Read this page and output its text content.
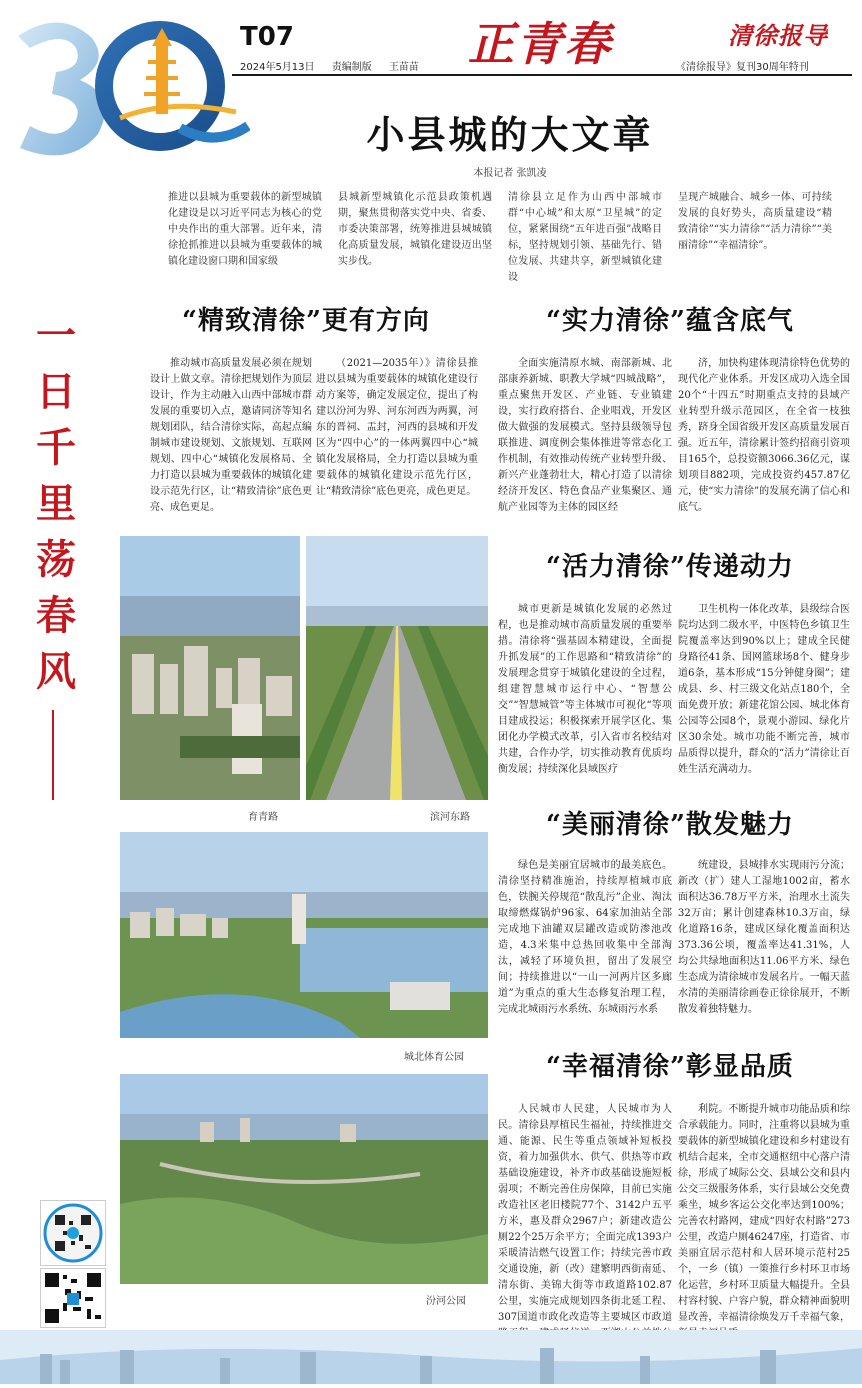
T07
2024年5月13日 责编制版 王苗苗	正青春	清徐报导
《清徐报导》复刊30周年特刊
小县城的大文章
本报记者 张凯凌
推进以县城为重要载体的新型城镇化建设是以习近平同志为核心的党中央作出的重大部署。近年来，清徐抢抓推进以县城为重要载体的城镇化建设窗口期和国家级
县城新型城镇化示范县政策机遇期，聚焦贯彻落实党中央、省委、市委决策部署，统筹推进县城城镇化高质量发展，城镇化建设迈出坚实步伐。
清徐县立足作为山西中部城市群“中心城”和太原“卫星城”的定位，紧紧围绕“五年进百强”战略目标，坚持规划引领、基础先行、错位发展、共建共享，新型城镇化建设
呈现产城融合、城乡一体、可持续发展的良好势头，高质量建设“精致清徐”“实力清徐”“活力清徐”“美丽清徐”“幸福清徐”。
一
日
千
里
荡
春
风
“精致清徐”更有方向

推动城市高质量发展必须在规划设计上做文章。清徐把规划作为顶层设计，作为主动融入山西中部城市群发展的重要切入点，邀请同济等知名规划团队，结合清徐实际，高起点编制城市建设规划、文旅规划、互联网规划、四中心“城镇化发展格局、全力打造以县城为重要载体的城镇化建设示范先行区，让“精致清徐”底色更亮、成色更足。

（2021—2035年）》清徐县推进以县城为重要载体的城镇化建设行动方案等，确定发展定位，提出了构建以汾河为界、河东河西为两翼，河东的晋祠、盂封，河西的县城和开发区为“四中心”的一体两翼四中心“城镇化发展格局，全力打造以县城为重要载体的城镇化建设示范先行区，让“精致清徐”底色更亮，成色更足。

“实力清徐”蕴含底气

全面实施清原水城、南部新城、北部康养新城、职教大学城“四城战略”，重点聚焦开发区、产业链、专业镇建设，实行政府搭台、企业唱戏，开发区做大做强的发展模式。坚持县级领导包联推进、调度例会集体推进等常态化工作机制，有效推动传统产业转型升级、新兴产业蓬勃壮大，精心打造了以清徐经济开发区、特色食品产业集聚区、通航产业园等为主体的园区经

济，加快构建体现清徐特色优势的现代化产业体系。开发区成功入选全国20个“十四五”时期重点支持的县域产业转型升级示范园区，在全省一枝独秀，跻身全国省级开发区高质量发展百强。近五年，清徐累计签约招商引资项目165个，总投资额3066.36亿元，谋划项目882项，完成投资约457.87亿元，使“实力清徐”的发展充满了信心和底气。

育青路	滨河东路
“活力清徐”传递动力

城市更新是城镇化发展的必然过程，也是推动城市高质量发展的重要举措。清徐将“强基固本精建设，全面提升抓发展”的工作思路和“精致清徐”的发展理念贯穿于城镇化建设的全过程，组建智慧城市运行中心、“智慧公交”“智慧城管”等主体城市可视化“等项目建成投运；积极探索开展学区化、集团化办学模式改革，引入省市名校结对共建，合作办学，切实推动教育优质均衡发展；持续深化县域医疗

卫生机构一体化改革，县级综合医院均达到二级水平，中医特色乡镇卫生院覆盖率达到90%以上；建成全民健身路径41条、国网篮球场8个、健身步道6条，基本形成“15分钟健身圈”；建成县、乡、村三级文化站点180个，全面免费开放；新建花馆公园、城北体育公园等公园8个，景观小游园、绿化片区30余处。城市功能不断完善，城市品质得以提升，群众的“活力”清徐让百姓生活充满动力。

城北体育公园
“美丽清徐”散发魅力

绿色是美丽宜居城市的最美底色。清徐坚持精准施治，持续厚植城市底色，铁腕关停规范“散乱污”企业、淘汰取缔燃煤锅炉96家、64家加油站全部完成地下油罐双层罐改造或防渗池改造，4.3米集中总热回收集中全部淘汰，减轻了环境负担，留出了发展空间；持续推进以“一山一河两片区多廊道”为重点的重大生态修复治理工程，完成北城雨污水系统、东城雨污水系

统建设，县城排水实现雨污分流；新改（扩）建人工湿地1002亩，蓄水面积达36.78万平方米，治理水土流失32万亩；累计创建森林10.3万亩，绿化道路16条，建成区绿化覆盖面积达373.36公顷，覆盖率达41.31%，人均公共绿地面积达11.06平方米、绿色生态成为清徐城市发展名片。一幅天蓝水清的美丽清徐画卷正徐徐展开，不断散发着独特魅力。

汾河公园
“幸福清徐”彰显品质

人民城市人民建，人民城市为人民。清徐县厚植民生福祉，持续推进交通、能源、民生等重点领域补短板投资，着力加强供水、供气、供热等市政基础设施建设，补齐市政基础设施短板弱项；不断完善住房保障，目前已实施改造社区老旧楼院77个、3142户五平方米，惠及群众2967户；新建改造公厕22个25万余平方；全面完成1393户采暖清洁燃气设置工作；持续完善市政交通设施，新（改）建繁明西街南延、清东街、美锦大街等市政道路102.87公里，实施完成规划四条街北延工程、307国道市政化改造等主要城区市政道

利院。不断提升城市功能品质和综合承载能力。同时，注重将以县城为重要载体的新型城镇化建设和乡村建设有机结合起来，全市交通枢纽中心落户清徐，形成了城际公交、县域公交和县内公交三级服务体系，实行县域公交免费乘坐，城乡客运公交化率达到100%；完善农村路网，建成“四好农村路”273公里，改造户厕46247座，打造省、市美丽宜居示范村和人居环境示范村25个，一乡（镇）一策推行乡村环卫市场化运营，乡村环卫质量大幅提升。全县村容村貌、户容户貌，群众精神面貌明显改善，幸福清徐焕发万千幸福气象，
